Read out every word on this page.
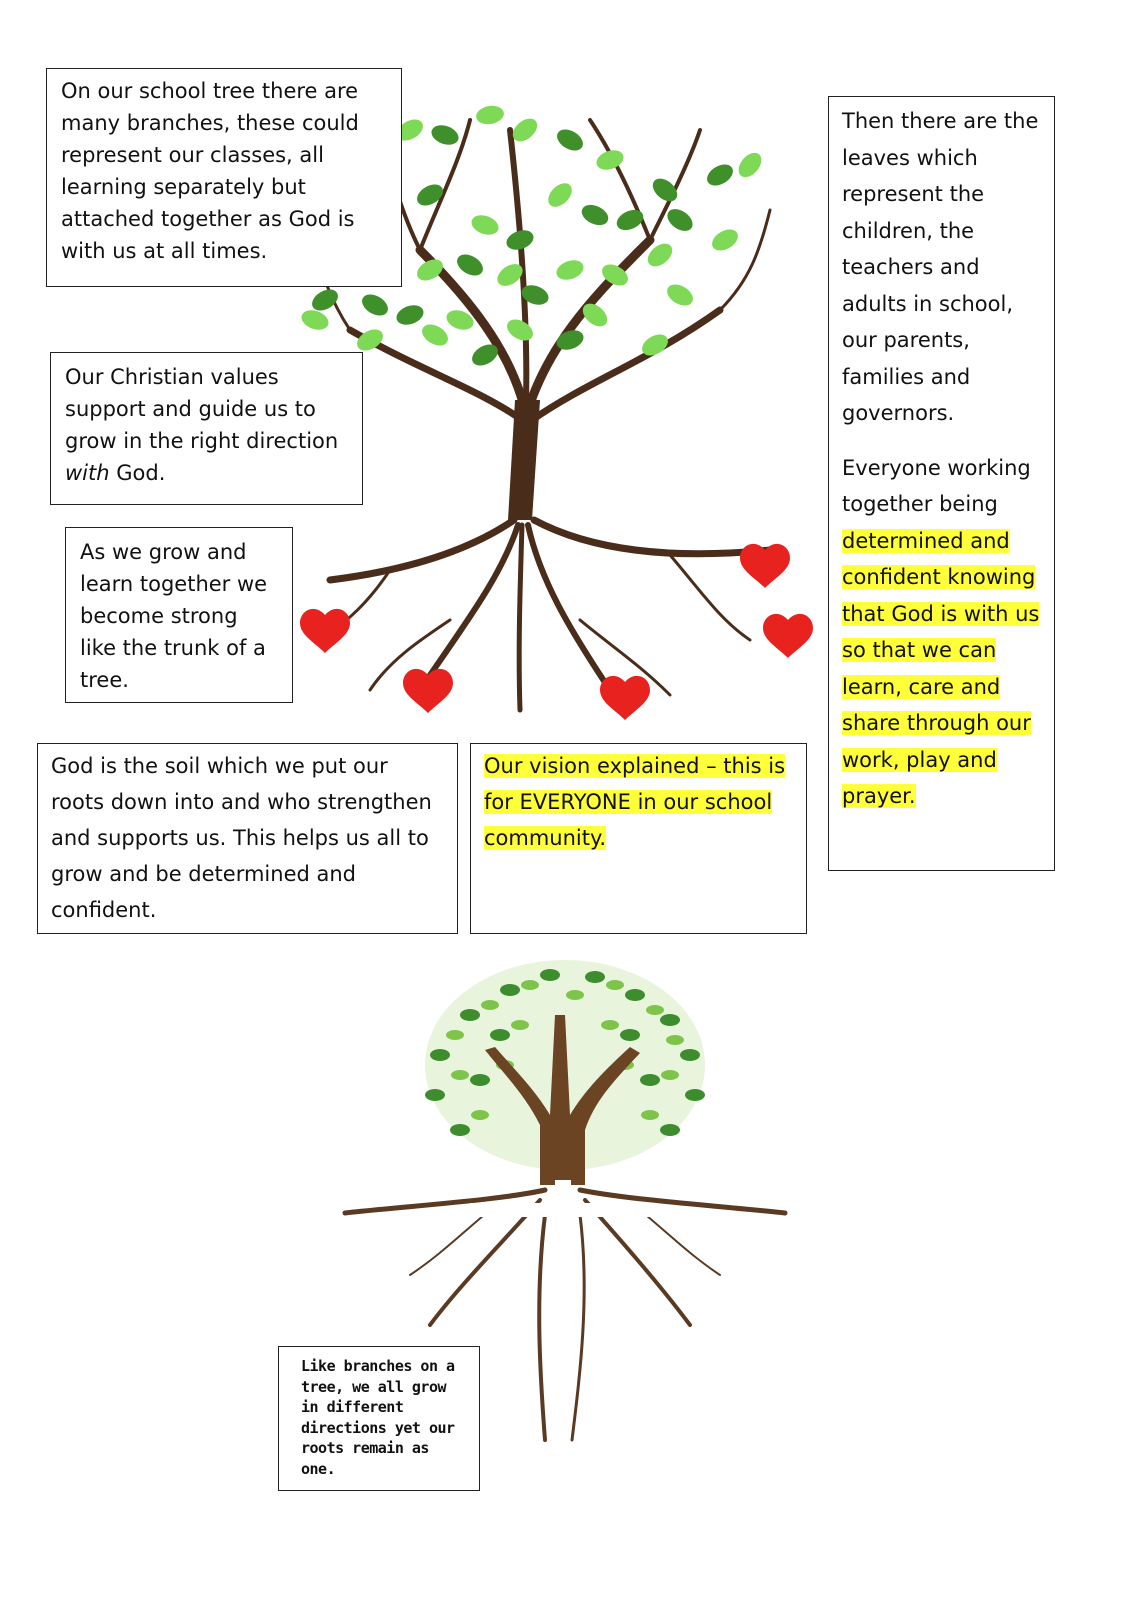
On our school tree there are many branches, these could represent our classes, all learning separately but attached together as God is with us at all times.

Our Christian values support and guide us to grow in the right direction with God.

As we grow and learn together we become strong like the trunk of a tree.

God is the soil which we put our roots down into and who strengthen and supports us. This helps us all to grow and be determined and confident.

Our vision explained – this is for EVERYONE in our school community.

Then there are the leaves which represent the children, the teachers and adults in school, our parents, families and governors.

Everyone working together being determined and confident knowing that God is with us so that we can learn, care and share through our work, play and prayer.

Like branches on a tree, we all grow in different directions yet our roots remain as one.
